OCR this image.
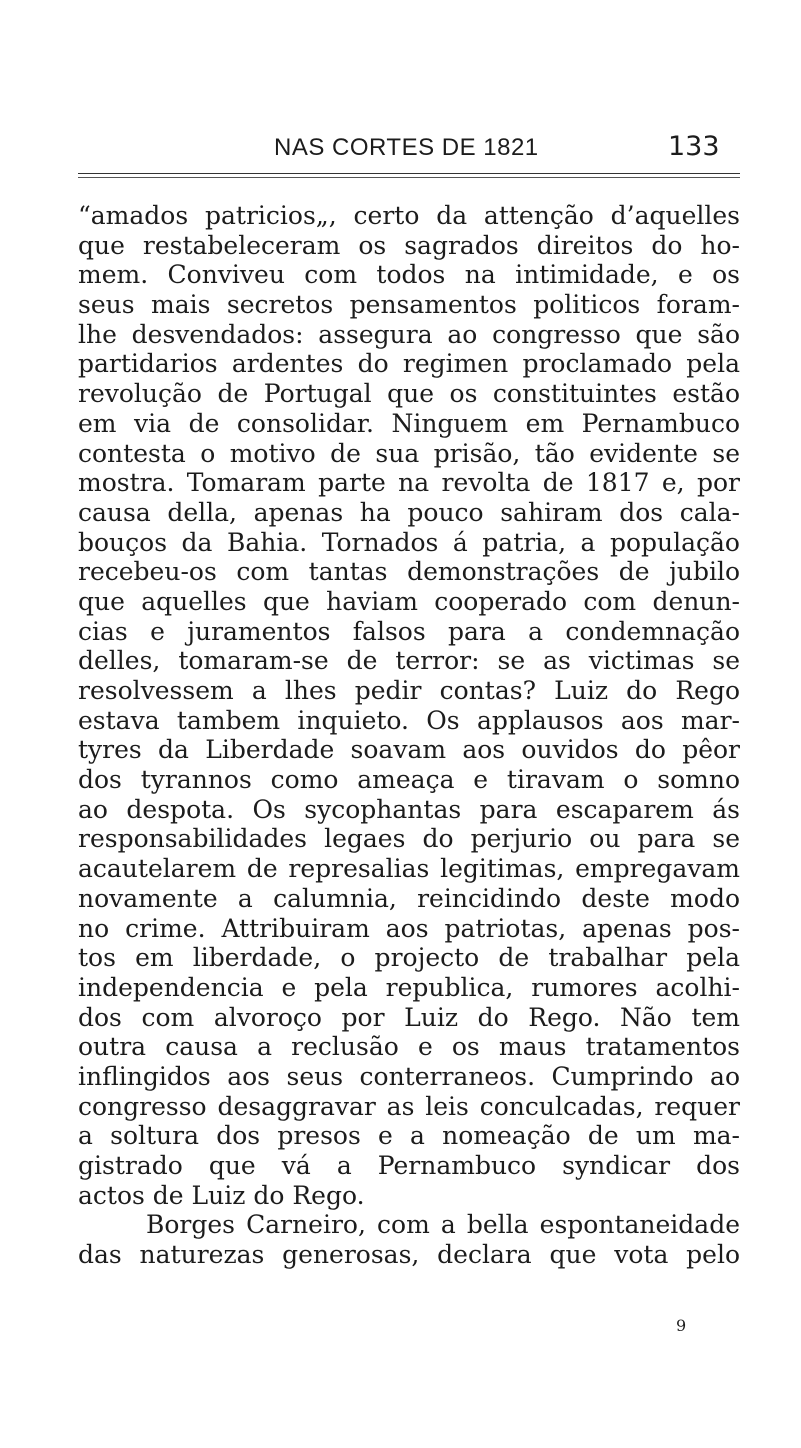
NAS CORTES DE 1821	133
“amados patricios„, certo da attenção d’aquelles
que restabeleceram os sagrados direitos do ho-
mem. Conviveu com todos na intimidade, e os
seus mais secretos pensamentos politicos foram-
lhe desvendados: assegura ao congresso que são
partidarios ardentes do regimen proclamado pela
revolução de Portugal que os constituintes estão
em via de consolidar. Ninguem em Pernambuco
contesta o motivo de sua prisão, tão evidente se
mostra. Tomaram parte na revolta de 1817 e, por
causa della, apenas ha pouco sahiram dos cala-
bouços da Bahia. Tornados á patria, a população
recebeu-os com tantas demonstrações de jubilo
que aquelles que haviam cooperado com denun-
cias e juramentos falsos para a condemnação
delles, tomaram-se de terror: se as victimas se
resolvessem a lhes pedir contas? Luiz do Rego
estava tambem inquieto. Os applausos aos mar-
tyres da Liberdade soavam aos ouvidos do pêor
dos tyrannos como ameaça e tiravam o somno
ao despota. Os sycophantas para escaparem ás
responsabilidades legaes do perjurio ou para se
acautelarem de represalias legitimas, empregavam
novamente a calumnia, reincidindo deste modo
no crime. Attribuiram aos patriotas, apenas pos-
tos em liberdade, o projecto de trabalhar pela
independencia e pela republica, rumores acolhi-
dos com alvoroço por Luiz do Rego. Não tem
outra causa a reclusão e os maus tratamentos
inflingidos aos seus conterraneos. Cumprindo ao
congresso desaggravar as leis conculcadas, requer
a soltura dos presos e a nomeação de um ma-
gistrado que vá a Pernambuco syndicar dos
actos de Luiz do Rego.
Borges Carneiro, com a bella espontaneidade
das naturezas generosas, declara que vota pelo
9
